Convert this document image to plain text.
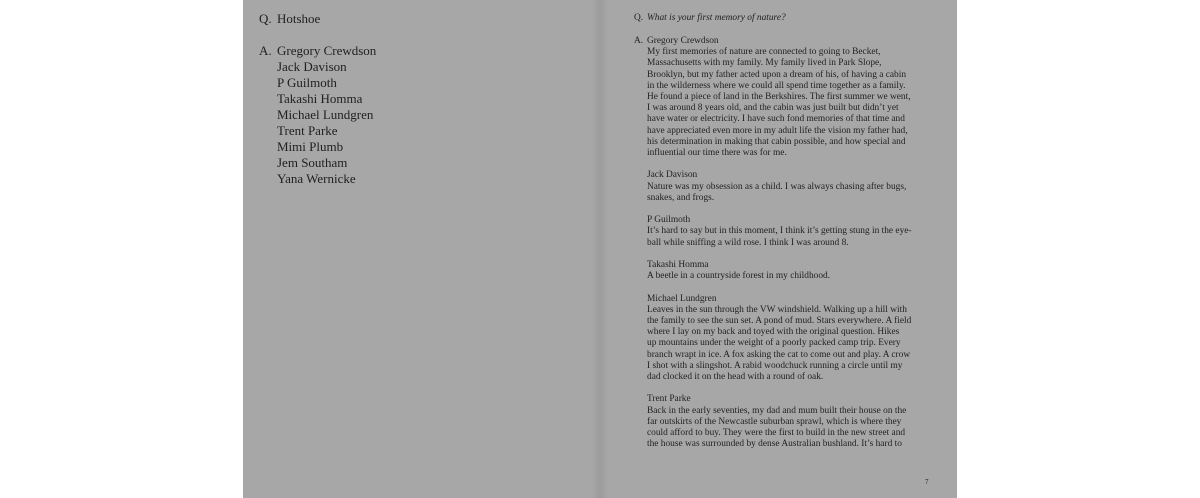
Q. Hotshoe
A. Gregory Crewdson
Jack Davison
P Guilmoth
Takashi Homma
Michael Lundgren
Trent Parke
Mimi Plumb
Jem Southam
Yana Wernicke
Q. What is your first memory of nature?
A. Gregory Crewdson
My first memories of nature are connected to going to Becket,
Massachusetts with my family. My family lived in Park Slope,
Brooklyn, but my father acted upon a dream of his, of having a cabin
in the wilderness where we could all spend time together as a family.
He found a piece of land in the Berkshires. The first summer we went,
I was around 8 years old, and the cabin was just built but didn’t yet
have water or electricity. I have such fond memories of that time and
have appreciated even more in my adult life the vision my father had,
his determination in making that cabin possible, and how special and
influential our time there was for me.
Jack Davison
Nature was my obsession as a child. I was always chasing after bugs,
snakes, and frogs.
P Guilmoth
It’s hard to say but in this moment, I think it’s getting stung in the eye-
ball while sniffing a wild rose. I think I was around 8.
Takashi Homma
A beetle in a countryside forest in my childhood.
Michael Lundgren
Leaves in the sun through the VW windshield. Walking up a hill with
the family to see the sun set. A pond of mud. Stars everywhere. A field
where I lay on my back and toyed with the original question. Hikes
up mountains under the weight of a poorly packed camp trip. Every
branch wrapt in ice. A fox asking the cat to come out and play. A crow
I shot with a slingshot. A rabid woodchuck running a circle until my
dad clocked it on the head with a round of oak.
Trent Parke
Back in the early seventies, my dad and mum built their house on the
far outskirts of the Newcastle suburban sprawl, which is where they
could afford to buy. They were the first to build in the new street and
the house was surrounded by dense Australian bushland. It’s hard to
7
